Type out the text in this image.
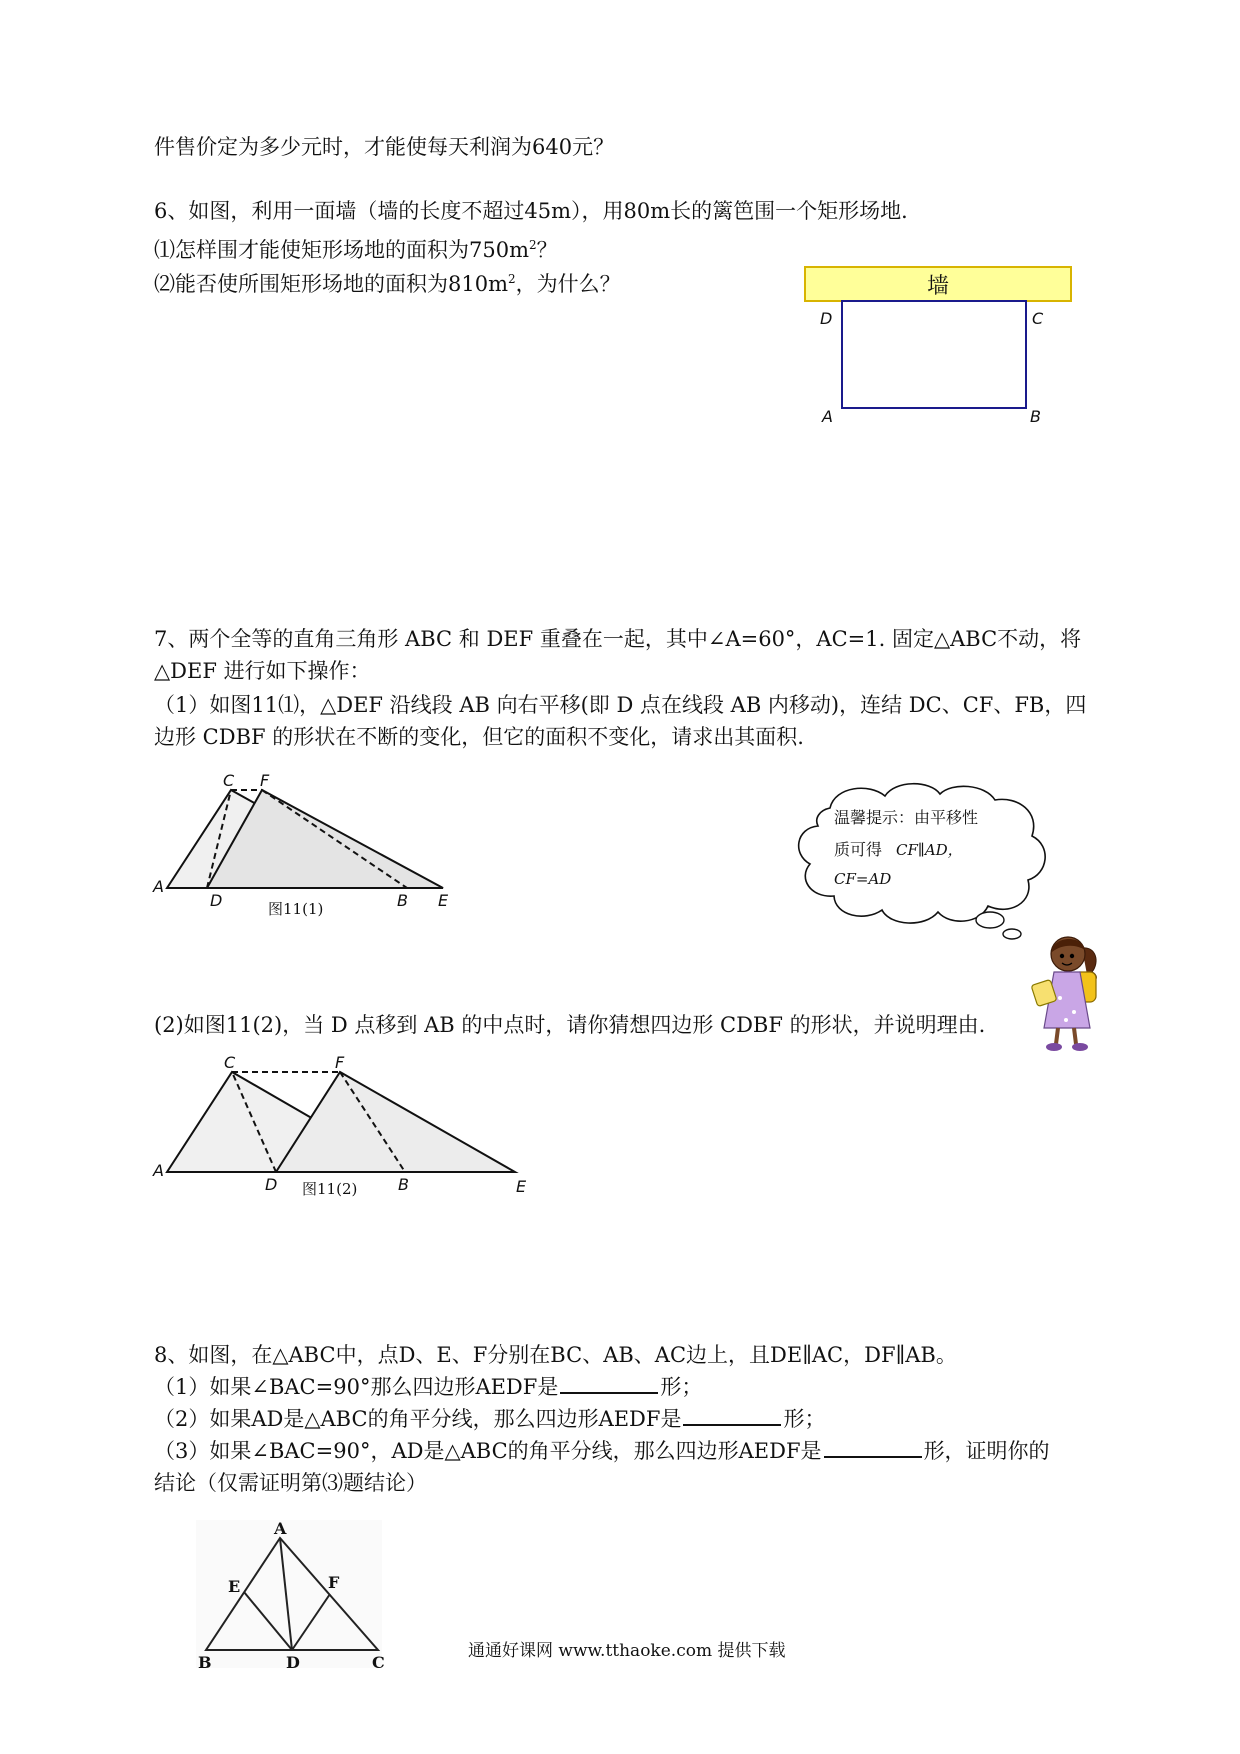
件售价定为多少元时，才能使每天利润为640元？
6、如图，利用一面墙（墙的长度不超过45m），用80m长的篱笆围一个矩形场地．
⑴怎样围才能使矩形场地的面积为$750m^2$？
⑵能否使所围矩形场地的面积为$810m^2$，为什么？
7、两个全等的直角三角形 ABC 和 DEF 重叠在一起，其中∠A=60°，AC=1. 固定△ABC不动，将
△DEF 进行如下操作：
（1）如图11⑴，△DEF 沿线段 AB 向右平移(即 D 点在线段 AB 内移动)，连结 DC、CF、FB，四
边形 CDBF 的形状在不断的变化，但它的面积不变化，请求出其面积.
(2)如图11(2)，当 D 点移到 AB 的中点时，请你猜想四边形 CDBF 的形状，并说明理由.
8、如图，在△ABC中，点D、E、F分别在BC、AB、AC边上，且DE∥AC，DF∥AB。
（1）如果∠BAC=90°那么四边形AEDF是	形；
（2）如果AD是△ABC的角平分线，那么四边形AEDF是	形；
（3）如果∠BAC=90°，AD是△ABC的角平分线，那么四边形AEDF是	形，证明你的
结论（仅需证明第⑶题结论）
墙
D	C
A	B
A
C F
D	B E
图11(1)
温馨提示：由平移性
质可得 CF∥AD，
CF=AD
A
C	F
D	B	E
图11(2)
A
E	F
B	D	C
通通好课网 www.tthaoke.com 提供下载
